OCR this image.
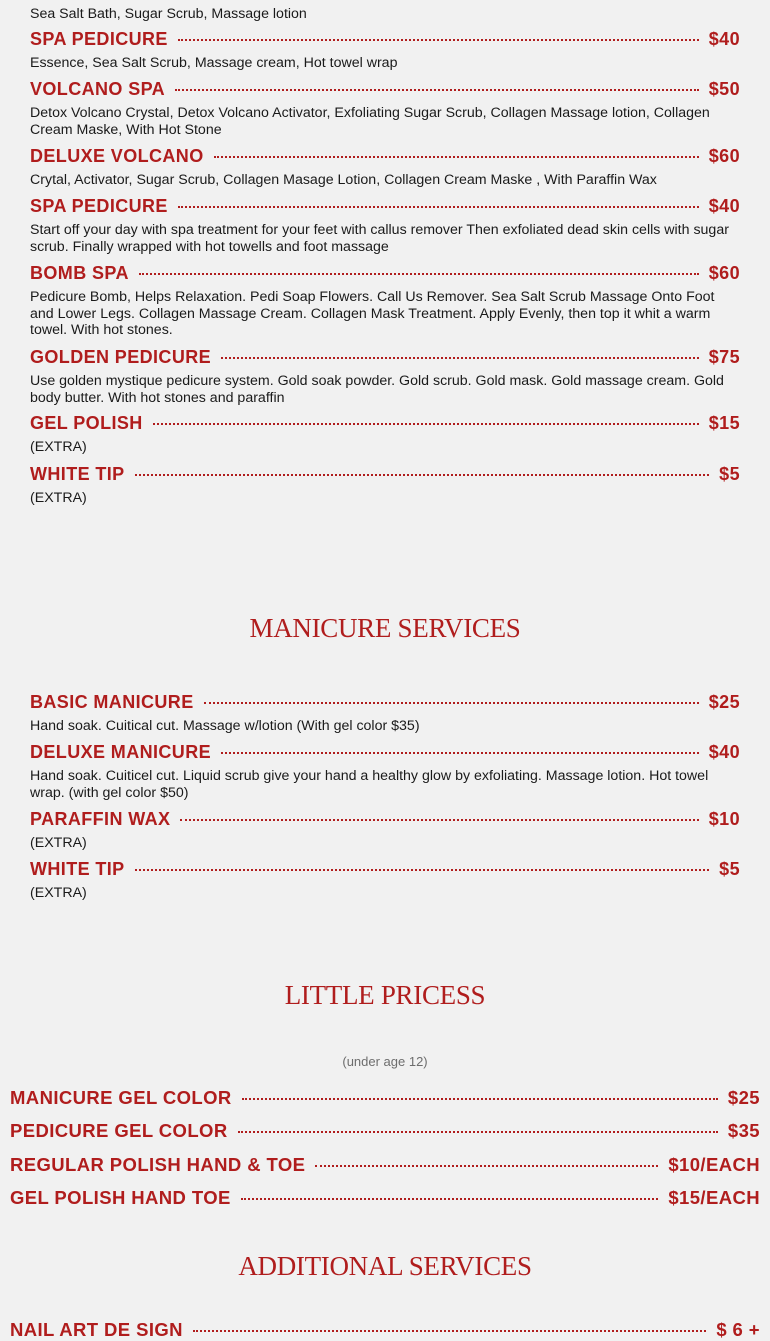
Sea Salt Bath, Sugar Scrub, Massage lotion
SPA PEDICURE	$40
Essence, Sea Salt Scrub, Massage cream, Hot towel wrap
VOLCANO SPA	$50
Detox Volcano Crystal, Detox Volcano Activator, Exfoliating Sugar Scrub, Collagen Massage lotion, Collagen Cream Maske, With Hot Stone
DELUXE VOLCANO	$60
Crytal, Activator, Sugar Scrub, Collagen Masage Lotion, Collagen Cream Maske , With Paraffin Wax
SPA PEDICURE	$40
Start off your day with spa treatment for your feet with callus remover Then exfoliated dead skin cells with sugar scrub. Finally wrapped with hot towells and foot massage
BOMB SPA	$60
Pedicure Bomb, Helps Relaxation. Pedi Soap Flowers. Call Us Remover. Sea Salt Scrub Massage Onto Foot and Lower Legs. Collagen Massage Cream. Collagen Mask Treatment. Apply Evenly, then top it whit a warm towel. With hot stones.
GOLDEN PEDICURE	$75
Use golden mystique pedicure system. Gold soak powder. Gold scrub. Gold mask. Gold massage cream. Gold body butter. With hot stones and paraffin
GEL POLISH	$15
(EXTRA)
WHITE TIP	$5
(EXTRA)
MANICURE SERVICES
BASIC MANICURE	$25
Hand soak. Cuitical cut. Massage w/lotion (With gel color $35)
DELUXE MANICURE	$40
Hand soak. Cuiticel cut. Liquid scrub give your hand a healthy glow by exfoliating. Massage lotion. Hot towel wrap. (with gel color $50)
PARAFFIN WAX	$10
(EXTRA)
WHITE TIP	$5
(EXTRA)
LITTLE PRICESS
(under age 12)
MANICURE GEL COLOR	$25
PEDICURE GEL COLOR	$35
REGULAR POLISH HAND & TOE	$10/EACH
GEL POLISH HAND TOE	$15/EACH
ADDITIONAL SERVICES
NAIL ART DE SIGN	$ 6 +
